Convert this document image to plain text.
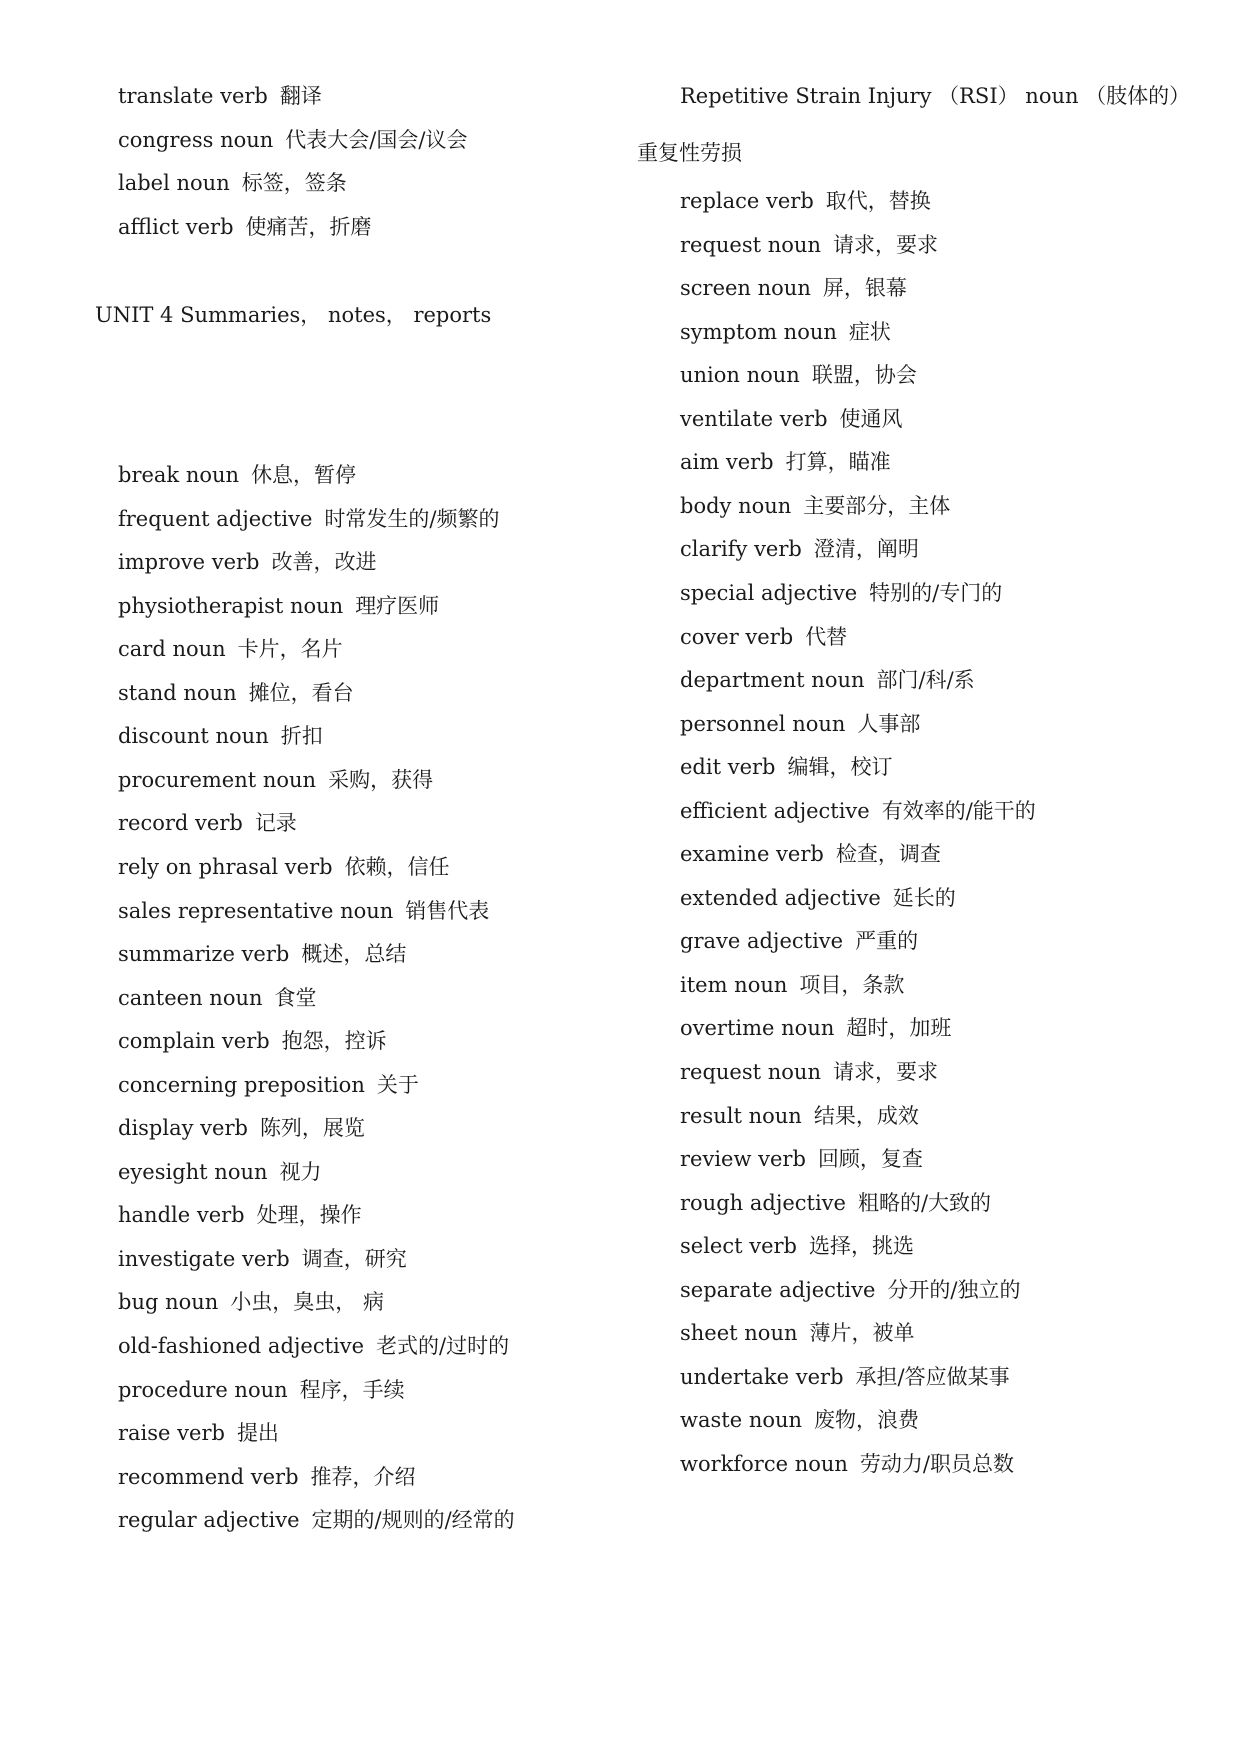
translate verb 翻译
congress noun 代表大会/国会/议会
label noun 标签，签条
afflict verb 使痛苦，折磨
UNIT 4 Summaries， notes， reports
break noun 休息，暂停
frequent adjective 时常发生的/频繁的
improve verb 改善，改进
physiotherapist noun 理疗医师
card noun 卡片，名片
stand noun 摊位，看台
discount noun 折扣
procurement noun 采购，获得
record verb 记录
rely on phrasal verb 依赖，信任
sales representative noun 销售代表
summarize verb 概述，总结
canteen noun 食堂
complain verb 抱怨，控诉
concerning preposition 关于
display verb 陈列，展览
eyesight noun 视力
handle verb 处理，操作
investigate verb 调查，研究
bug noun 小虫，臭虫， 病
old-fashioned adjective 老式的/过时的
procedure noun 程序，手续
raise verb 提出
recommend verb 推荐，介绍
regular adjective 定期的/规则的/经常的
Repetitive Strain Injury （RSI） noun （肢体的）
重复性劳损
replace verb 取代，替换
request noun 请求，要求
screen noun 屏，银幕
symptom noun 症状
union noun 联盟，协会
ventilate verb 使通风
aim verb 打算，瞄准
body noun 主要部分，主体
clarify verb 澄清，阐明
special adjective 特别的/专门的
cover verb 代替
department noun 部门/科/系
personnel noun 人事部
edit verb 编辑，校订
efficient adjective 有效率的/能干的
examine verb 检查，调查
extended adjective 延长的
grave adjective 严重的
item noun 项目，条款
overtime noun 超时，加班
request noun 请求，要求
result noun 结果，成效
review verb 回顾，复查
rough adjective 粗略的/大致的
select verb 选择，挑选
separate adjective 分开的/独立的
sheet noun 薄片，被单
undertake verb 承担/答应做某事
waste noun 废物，浪费
workforce noun 劳动力/职员总数
